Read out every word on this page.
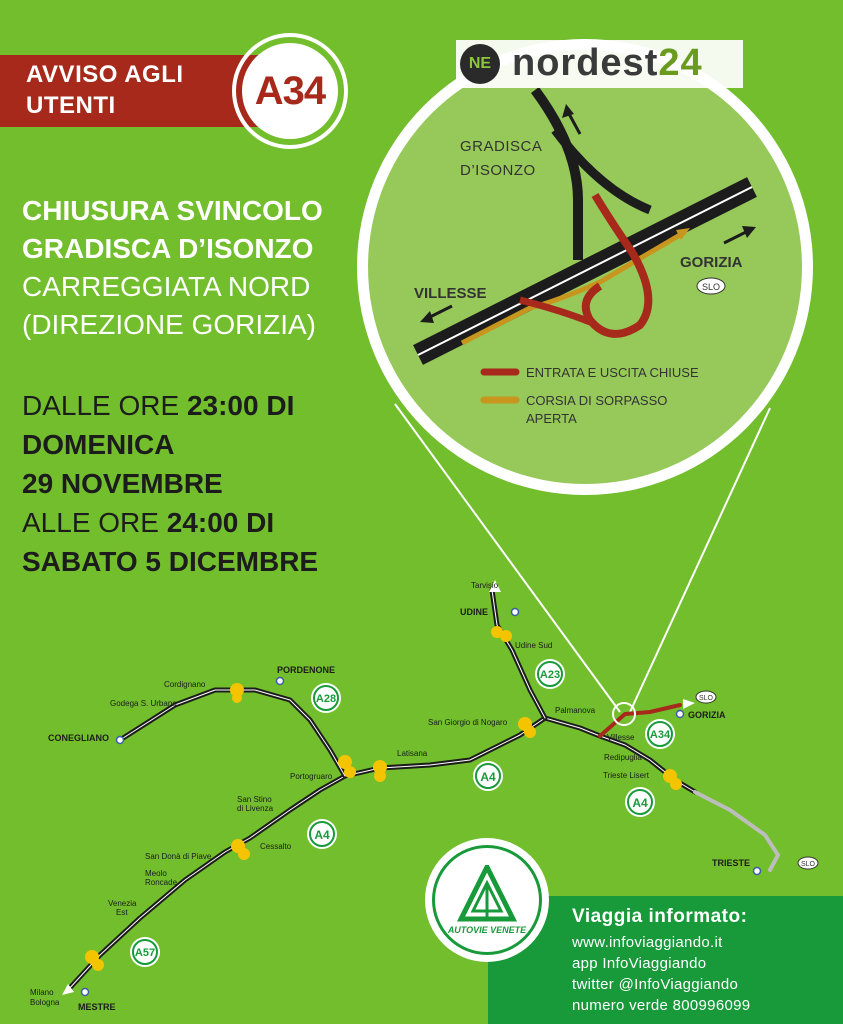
AVVISO AGLI
UTENTI	A34
CHIUSURA SVINCOLO
GRADISCA D’ISONZO
CARREGGIATA NORD
(DIREZIONE GORIZIA)
DALLE ORE 23:00 DI
DOMENICA
29 NOVEMBRE
ALLE ORE 24:00 DI
SABATO 5 DICEMBRE
GRADISCA
D’ISONZO
VILLESSE
GORIZIA
SLO
ENTRATA E USCITA CHIUSE
CORSIA DI SORPASSO
APERTA
A28
A23
A34
A4
A4
A4
A57
Tarvisio
UDINE
Udine Sud
PORDENONE
Cordignano
Godega S. Urbano
CONEGLIANO
Portogruaro
Latisana
San Giorgio di Nogaro
Palmanova
Villesse
GORIZIA
Redipuglia
Trieste Lisert
TRIESTE
San Stino
di Livenza
Cessalto
San Donà di Piave
Meolo
Roncade
Venezia
Est
Milano
Bologna MESTRE
SLO
SLO
NE nordest24
Viaggia informato:
www.infoviaggiando.it
app InfoViaggiando
twitter @InfoViaggiando
numero verde 800996099
AUTOVIE VENETE
